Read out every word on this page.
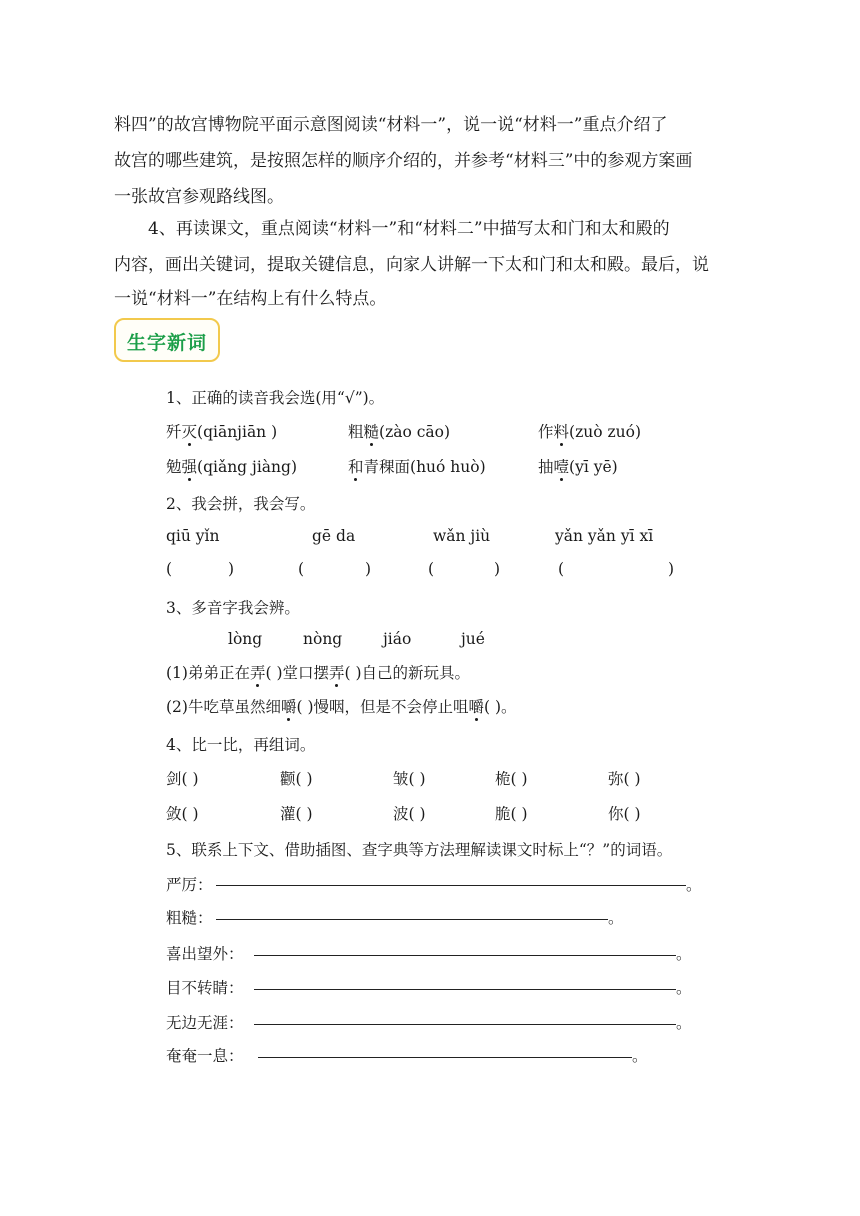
料四”的故宫博物院平面示意图阅读“材料一”，说一说“材料一”重点介绍了
故宫的哪些建筑，是按照怎样的顺序介绍的，并参考“材料三”中的参观方案画
一张故宫参观路线图。
4、再读课文，重点阅读“材料一”和“材料二”中描写太和门和太和殿的
内容，画出关键词，提取关键信息，向家人讲解一下太和门和太和殿。最后，说
一说“材料一”在结构上有什么特点。
生字新词
1、正确的读音我会选(用“√”)。
歼灭(qiānjiān )	粗糙(zào cāo)	作料(zuò zuó)
勉强(qiǎng jiàng)	和青稞面(huó huò)	抽噎(yī yē)
2、我会拼，我会写。
qiū yǐn	gē da	wǎn jiù	yǎn yǎn yī xī
(	)	(	)	(	)	(	)
3、多音字我会辨。
lòng	nòng	jiáo	jué
(1)弟弟正在弄( )堂口摆弄( )自己的新玩具。
(2)牛吃草虽然细嚼( )慢咽，但是不会停止咀嚼( )。
4、比一比，再组词。
剑( )	颧( )	皱( )	桅( )	弥( )
敛( )	灌( )	波( )	脆( )	你( )
5、联系上下文、借助插图、查字典等方法理解读课文时标上“？”的词语。
严厉：	。
粗糙：	。
喜出望外：	。
目不转睛：	。
无边无涯：	。
奄奄一息：	。
